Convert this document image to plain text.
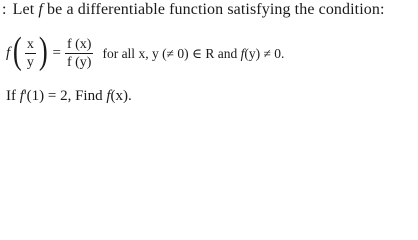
: Let f be a differentiable function satisfying the condition:
f ( $\frac{x}{y}$ ) = $\frac{f (x)}{f (y)}$ for all x, y (≠ 0) ∈ R and f(y) ≠ 0.
If f'(1) = 2, Find f(x).
